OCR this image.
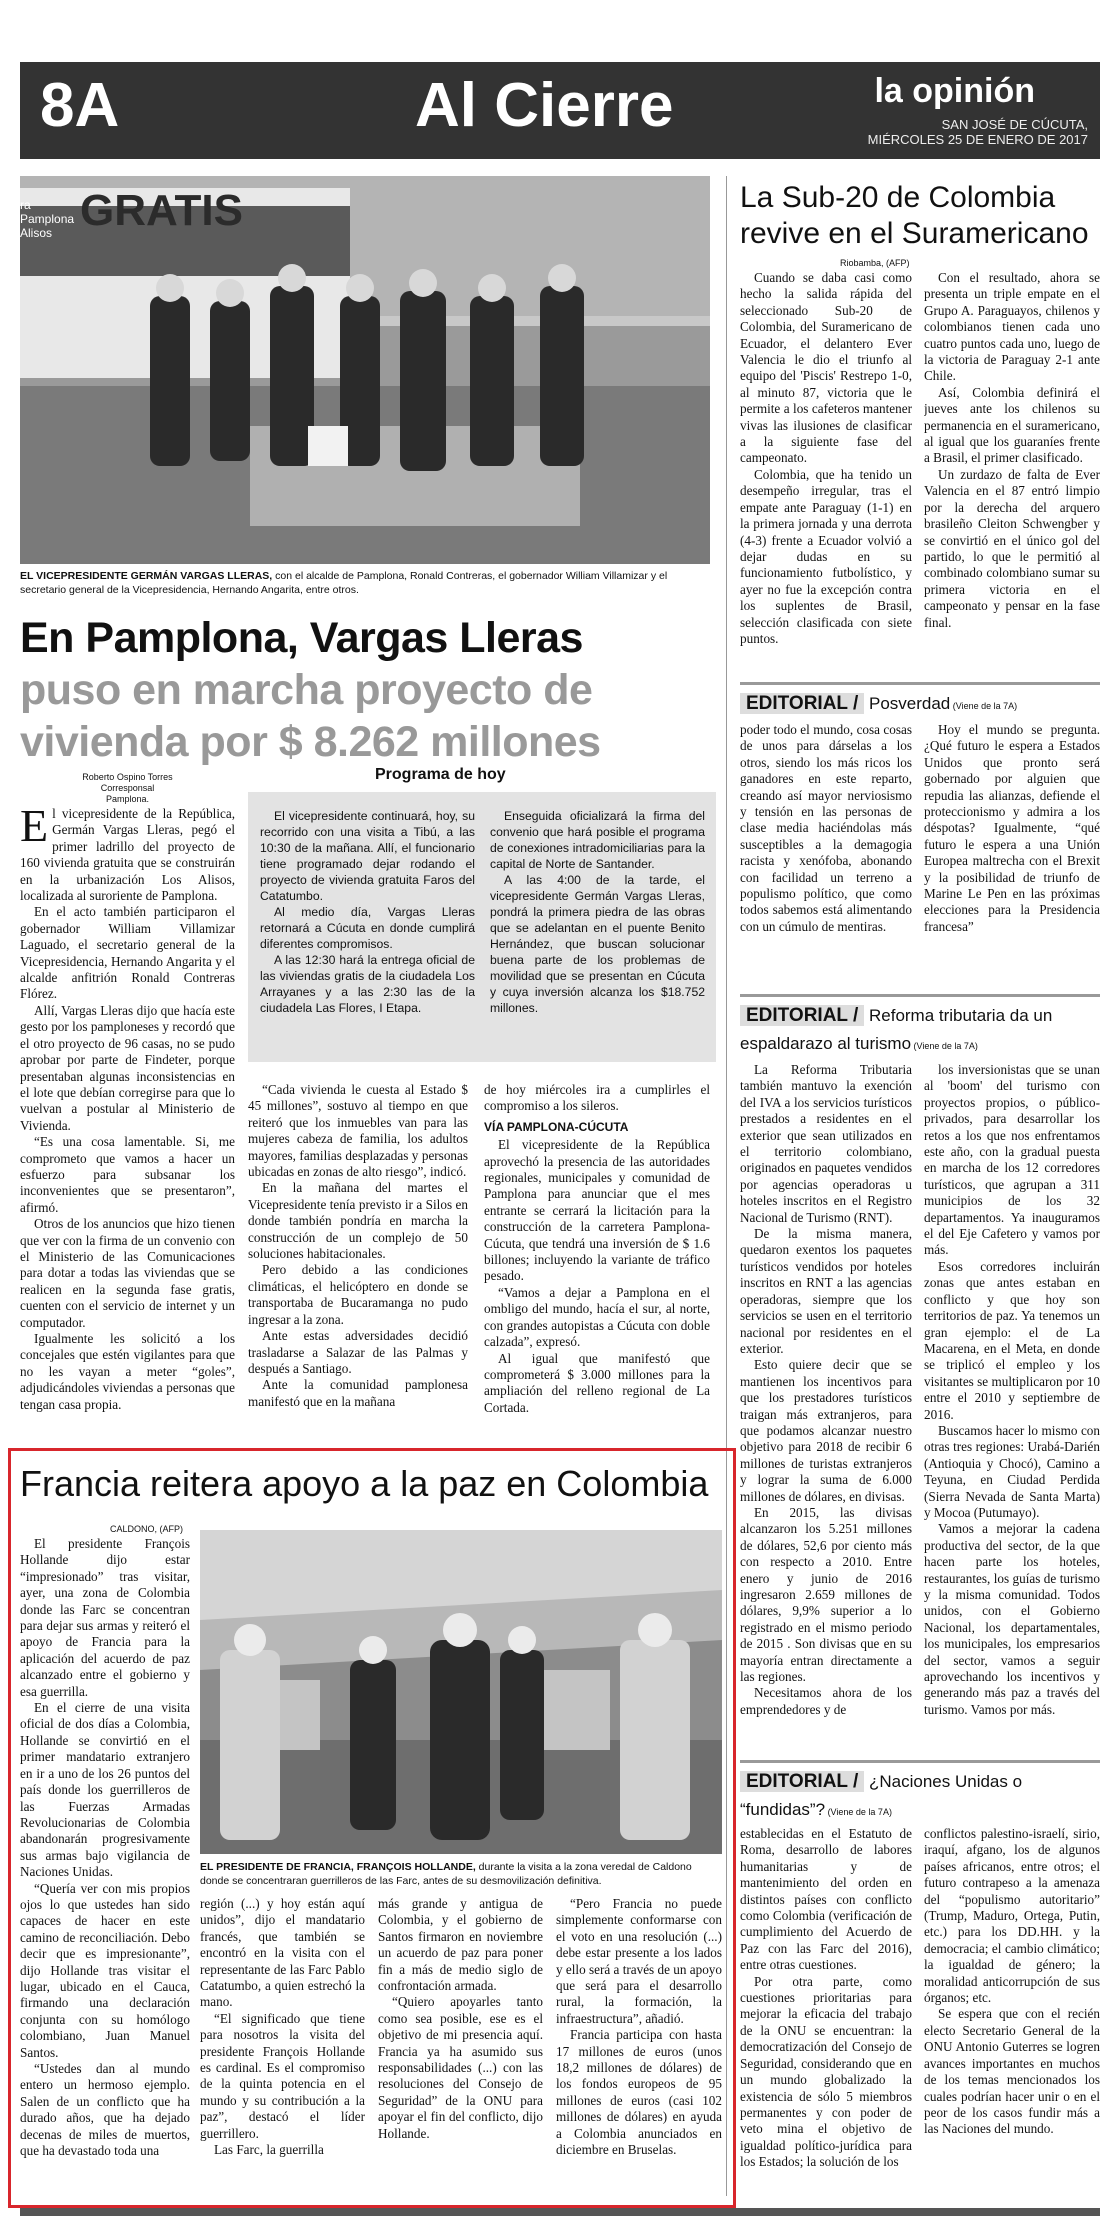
8A	Al Cierre	la opinión
SAN JOSÉ DE CÚCUTA,
MIÉRCOLES 25 DE ENERO DE 2017
GRATIS
ra Pamplona Alisos
EL VICEPRESIDENTE GERMÁN VARGAS LLERAS, con el alcalde de Pamplona, Ronald Contreras, el gobernador William Villamizar y el secretario general de la Vicepresidencia, Hernando Angarita, entre otros.
En Pamplona, Vargas Lleras
puso en marcha proyecto de
vivienda por $ 8.262 millones
Roberto Ospino Torres
Corresponsal
Pamplona.

El vicepresidente de la República, Germán Vargas Lleras, pegó el primer ladrillo del proyecto de 160 vivienda gratuita que se construirán en la urbanización Los Alisos, localizada al suroriente de Pamplona.

En el acto también participaron el gobernador William Villamizar Laguado, el secretario general de la Vicepresidencia, Hernando Angarita y el alcalde anfitrión Ronald Contreras Flórez.

Allí, Vargas Lleras dijo que hacía este gesto por los pamploneses y recordó que el otro proyecto de 96 casas, no se pudo aprobar por parte de Findeter, porque presentaban algunas inconsistencias en el lote que debían corregirse para que lo vuelvan a postular al Ministerio de Vivienda.

“Es una cosa lamentable. Si, me comprometo que vamos a hacer un esfuerzo para subsanar los inconvenientes que se presentaron”, afirmó.

Otros de los anuncios que hizo tienen que ver con la firma de un convenio con el Ministerio de las Comunicaciones para dotar a todas las viviendas que se realicen en la segunda fase gratis, cuenten con el servicio de internet y un computador.

Igualmente les solicitó a los concejales que estén vigilantes para que no les vayan a meter “goles”, adjudicándoles viviendas a personas que tengan casa propia.

Programa de hoy

El vicepresidente continuará, hoy, su recorrido con una visita a Tibú, a las 10:30 de la mañana. Allí, el funcionario tiene programado dejar rodando el proyecto de vivienda gratuita Faros del Catatumbo.

Al medio día, Vargas Lleras retornará a Cúcuta en donde cumplirá diferentes compromisos.

A las 12:30 hará la entrega oficial de las viviendas gratis de la ciudadela Los Arrayanes y a las 2:30 las de la ciudadela Las Flores, I Etapa.

Enseguida oficializará la firma del convenio que hará posible el programa de conexiones intradomiciliarias para la capital de Norte de Santander.

A las 4:00 de la tarde, el vicepresidente Germán Vargas Lleras, pondrá la primera piedra de las obras que se adelantan en el puente Benito Hernández, que buscan solucionar buena parte de los problemas de movilidad que se presentan en Cúcuta y cuya inversión alcanza los $18.752 millones.

“Cada vivienda le cuesta al Estado $ 45 millones”, sostuvo al tiempo en que reiteró que los inmuebles van para las mujeres cabeza de familia, los adultos mayores, familias desplazadas y personas ubicadas en zonas de alto riesgo”, indicó.

En la mañana del martes el Vicepresidente tenía previsto ir a Silos en donde también pondría en marcha la construcción de un complejo de 50 soluciones habitacionales.

Pero debido a las condiciones climáticas, el helicóptero en donde se transportaba de Bucaramanga no pudo ingresar a la zona.

Ante estas adversidades decidió trasladarse a Salazar de las Palmas y después a Santiago.

Ante la comunidad pamplonesa manifestó que en la mañana

de hoy miércoles ira a cumplirles el compromiso a los sileros.

VÍA PAMPLONA-CÚCUTA

El vicepresidente de la República aprovechó la presencia de las autoridades regionales, municipales y comunidad de Pamplona para anunciar que el mes entrante se cerrará la licitación para la construcción de la carretera Pamplona-Cúcuta, que tendrá una inversión de $ 1.6 billones; incluyendo la variante de tráfico pesado.

“Vamos a dejar a Pamplona en el ombligo del mundo, hacía el sur, al norte, con grandes autopistas a Cúcuta con doble calzada”, expresó.

Al igual que manifestó que comprometerá $ 3.000 millones para la ampliación del relleno regional de La Cortada.

La Sub-20 de Colombia
revive en el Suramericano
Riobamba, (AFP)

Cuando se daba casi como hecho la salida rápida del seleccionado Sub-20 de Colombia, del Suramericano de Ecuador, el delantero Ever Valencia le dio el triunfo al equipo del 'Piscis' Restrepo 1-0, al minuto 87, victoria que le permite a los cafeteros mantener vivas las ilusiones de clasificar a la siguiente fase del campeonato.

Colombia, que ha tenido un desempeño irregular, tras el empate ante Paraguay (1-1) en la primera jornada y una derrota (4-3) frente a Ecuador volvió a dejar dudas en su funcionamiento futbolístico, y ayer no fue la excepción contra los suplentes de Brasil, selección clasificada con siete puntos.

Con el resultado, ahora se presenta un triple empate en el Grupo A. Paraguayos, chilenos y colombianos tienen cada uno cuatro puntos cada uno, luego de la victoria de Paraguay 2-1 ante Chile.

Así, Colombia definirá el jueves ante los chilenos su permanencia en el suramericano, al igual que los guaraníes frente a Brasil, el primer clasificado.

Un zurdazo de falta de Ever Valencia en el 87 entró limpio por la derecha del arquero brasileño Cleiton Schwengber y se convirtió en el único gol del partido, lo que le permitió al combinado colombiano sumar su primera victoria en el campeonato y pensar en la fase final.

EDITORIAL / Posverdad (Viene de la 7A)

poder todo el mundo, cosa cosas de unos para dárselas a los otros, siendo los más ricos los ganadores en este reparto, creando así mayor nerviosismo y tensión en las personas de clase media haciéndolas más susceptibles a la demagogia racista y xenófoba, abonando con facilidad un terreno a populismo político, que como todos sabemos está alimentando con un cúmulo de mentiras.

Hoy el mundo se pregunta. ¿Qué futuro le espera a Estados Unidos que pronto será gobernado por alguien que repudia las alianzas, defiende el proteccionismo y admira a los déspotas? Igualmente, “qué futuro le espera a una Unión Europea maltrecha con el Brexit y la posibilidad de triunfo de Marine Le Pen en las próximas elecciones para la Presidencia francesa”

EDITORIAL / Reforma tributaria da un
espaldarazo al turismo (Viene de la 7A)

La Reforma Tributaria también mantuvo la exención del IVA a los servicios turísticos prestados a residentes en el exterior que sean utilizados en el territorio colombiano, originados en paquetes vendidos por agencias operadoras u hoteles inscritos en el Registro Nacional de Turismo (RNT).

De la misma manera, quedaron exentos los paquetes turísticos vendidos por hoteles inscritos en RNT a las agencias operadoras, siempre que los servicios se usen en el territorio nacional por residentes en el exterior.

Esto quiere decir que se mantienen los incentivos para que los prestadores turísticos traigan más extranjeros, para que podamos alcanzar nuestro objetivo para 2018 de recibir 6 millones de turistas extranjeros y lograr la suma de 6.000 millones de dólares, en divisas.

En 2015, las divisas alcanzaron los 5.251 millones de dólares, 52,6 por ciento más con respecto a 2010. Entre enero y junio de 2016 ingresaron 2.659 millones de dólares, 9,9% superior a lo registrado en el mismo periodo de 2015 . Son divisas que en su mayoría entran directamente a las regiones.

Necesitamos ahora de los emprendedores y de

los inversionistas que se unan al 'boom' del turismo con proyectos propios, o público-privados, para desarrollar los retos a los que nos enfrentamos este año, con la gradual puesta en marcha de los 12 corredores turísticos, que agrupan a 311 municipios de los 32 departamentos. Ya inauguramos el del Eje Cafetero y vamos por más.

Esos corredores incluirán zonas que antes estaban en conflicto y que hoy son territorios de paz. Ya tenemos un gran ejemplo: el de La Macarena, en el Meta, en donde se triplicó el empleo y los visitantes se multiplicaron por 10 entre el 2010 y septiembre de 2016.

Buscamos hacer lo mismo con otras tres regiones: Urabá-Darién (Antioquia y Chocó), Camino a Teyuna, en Ciudad Perdida (Sierra Nevada de Santa Marta) y Mocoa (Putumayo).

Vamos a mejorar la cadena productiva del sector, de la que hacen parte los hoteles, restaurantes, los guías de turismo y la misma comunidad. Todos unidos, con el Gobierno Nacional, los departamentales, los municipales, los empresarios del sector, vamos a seguir aprovechando los incentivos y generando más paz a través del turismo. Vamos por más.

EDITORIAL / ¿Naciones Unidas o
“fundidas”? (Viene de la 7A)

establecidas en el Estatuto de Roma, desarrollo de labores humanitarias y de mantenimiento del orden en distintos países con conflicto como Colombia (verificación de cumplimiento del Acuerdo de Paz con las Farc del 2016), entre otras cuestiones.

Por otra parte, como cuestiones prioritarias para mejorar la eficacia del trabajo de la ONU se encuentran: la democratización del Consejo de Seguridad, considerando que en un mundo globalizado la existencia de sólo 5 miembros permanentes y con poder de veto mina el objetivo de igualdad político-jurídica para los Estados; la solución de los

conflictos palestino-israelí, sirio, iraquí, afgano, los de algunos países africanos, entre otros; el futuro contrapeso a la amenaza del “populismo autoritario” (Trump, Maduro, Ortega, Putin, etc.) para los DD.HH. y la democracia; el cambio climático; la igualdad de género; la moralidad anticorrupción de sus órganos; etc.

Se espera que con el recién electo Secretario General de la ONU Antonio Guterres se logren avances importantes en muchos de los temas mencionados los cuales podrían hacer unir o en el peor de los casos fundir más a las Naciones del mundo.

Francia reitera apoyo a la paz en Colombia
CALDONO, (AFP)

El presidente François Hollande dijo estar “impresionado” tras visitar, ayer, una zona de Colombia donde las Farc se concentran para dejar sus armas y reiteró el apoyo de Francia para la aplicación del acuerdo de paz alcanzado entre el gobierno y esa guerrilla.

En el cierre de una visita oficial de dos días a Colombia, Hollande se convirtió en el primer mandatario extranjero en ir a uno de los 26 puntos del país donde los guerrilleros de las Fuerzas Armadas Revolucionarias de Colombia abandonarán progresivamente sus armas bajo vigilancia de Naciones Unidas.

“Quería ver con mis propios ojos lo que ustedes han sido capaces de hacer en este camino de reconciliación. Debo decir que es impresionante”, dijo Hollande tras visitar el lugar, ubicado en el Cauca, firmando una declaración conjunta con su homólogo colombiano, Juan Manuel Santos.

“Ustedes dan al mundo entero un hermoso ejemplo. Salen de un conflicto que ha durado años, que ha dejado decenas de miles de muertos, que ha devastado toda una

EL PRESIDENTE DE FRANCIA, FRANÇOIS HOLLANDE, durante la visita a la zona veredal de Caldono donde se concentraran guerrilleros de las Farc, antes de su desmovilización definitiva.

región (...) y hoy están aquí unidos”, dijo el mandatario francés, que también se encontró en la visita con el representante de las Farc Pablo Catatumbo, a quien estrechó la mano.

“El significado que tiene para nosotros la visita del presidente François Hollande es cardinal. Es el compromiso de la quinta potencia en el mundo y su contribución a la paz”, destacó el líder guerrillero.

Las Farc, la guerrilla

más grande y antigua de Colombia, y el gobierno de Santos firmaron en noviembre un acuerdo de paz para poner fin a más de medio siglo de confrontación armada.

“Quiero apoyarles tanto como sea posible, ese es el objetivo de mi presencia aquí. Francia ya ha asumido sus responsabilidades (...) con las resoluciones del Consejo de Seguridad” de la ONU para apoyar el fin del conflicto, dijo Hollande.

“Pero Francia no puede simplemente conformarse con el voto en una resolución (...) debe estar presente a los lados y ello será a través de un apoyo que será para el desarrollo rural, la formación, la infraestructura”, añadió.

Francia participa con hasta 17 millones de euros (unos 18,2 millones de dólares) de los fondos europeos de 95 millones de euros (casi 102 millones de dólares) en ayuda a Colombia anunciados en diciembre en Bruselas.
